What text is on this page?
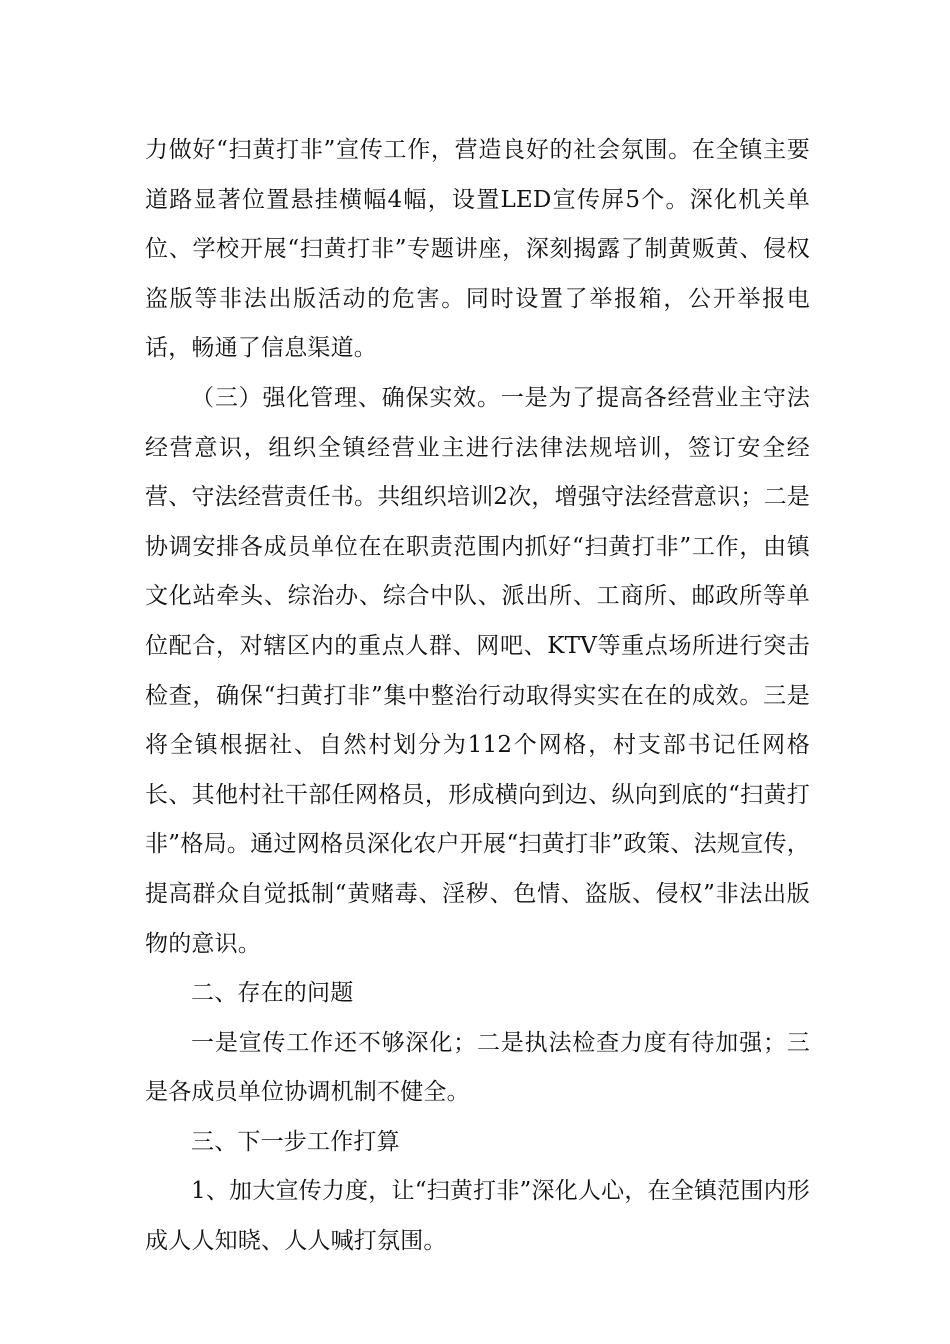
力做好“扫黄打非”宣传工作，营造良好的社会氛围。在全镇主要道路显著位置悬挂横幅4幅，设置LED宣传屏5个。深化机关单位、学校开展“扫黄打非”专题讲座，深刻揭露了制黄贩黄、侵权盗版等非法出版活动的危害。同时设置了举报箱，公开举报电话，畅通了信息渠道。

（三）强化管理、确保实效。一是为了提高各经营业主守法经营意识，组织全镇经营业主进行法律法规培训，签订安全经营、守法经营责任书。共组织培训2次，增强守法经营意识；二是协调安排各成员单位在在职责范围内抓好“扫黄打非”工作，由镇文化站牵头、综治办、综合中队、派出所、工商所、邮政所等单位配合，对辖区内的重点人群、网吧、KTV等重点场所进行突击检查，确保“扫黄打非”集中整治行动取得实实在在的成效。三是将全镇根据社、自然村划分为112个网格，村支部书记任网格长、其他村社干部任网格员，形成横向到边、纵向到底的“扫黄打非”格局。通过网格员深化农户开展“扫黄打非”政策、法规宣传，提高群众自觉抵制“黄赌毒、淫秽、色情、盗版、侵权”非法出版物的意识。

二、存在的问题

一是宣传工作还不够深化；二是执法检查力度有待加强；三是各成员单位协调机制不健全。

三、下一步工作打算

1、加大宣传力度，让“扫黄打非”深化人心，在全镇范围内形成人人知晓、人人喊打氛围。
